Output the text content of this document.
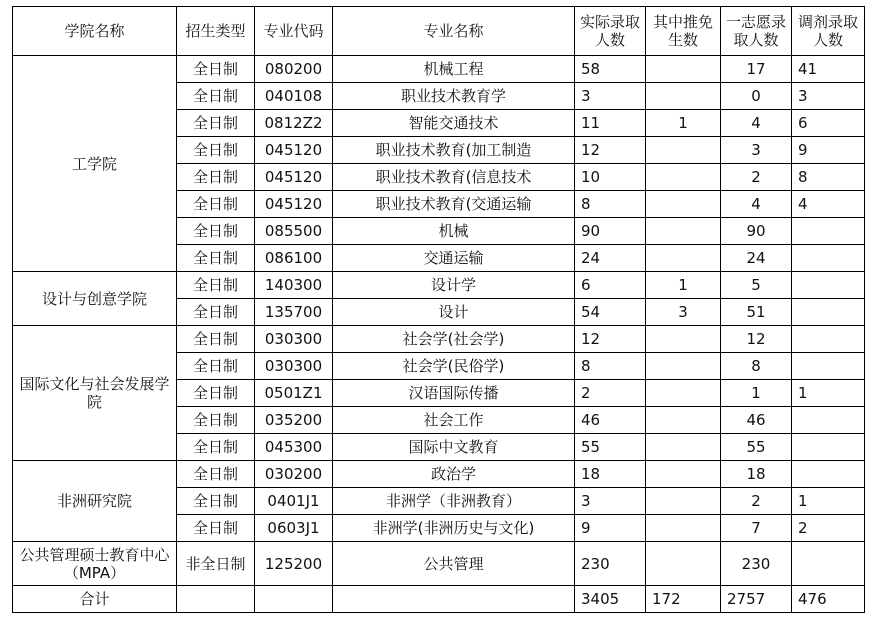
学院名称	招生类型	专业代码	专业名称	实际录取人数	其中推免生数	一志愿录取人数	调剂录取人数
工学院	全日制	080200	机械工程	58		17	41
	全日制	040108	职业技术教育学	3		0	3
	全日制	0812Z2	智能交通技术	11	1	4	6
	全日制	045120	职业技术教育(加工制造	12		3	9
	全日制	045120	职业技术教育(信息技术	10		2	8
	全日制	045120	职业技术教育(交通运输	8		4	4
	全日制	085500	机械	90		90	
	全日制	086100	交通运输	24		24	
设计与创意学院	全日制	140300	设计学	6	1	5	
	全日制	135700	设计	54	3	51	
国际文化与社会发展学院	全日制	030300	社会学(社会学)	12		12	
	全日制	030300	社会学(民俗学)	8		8	
	全日制	0501Z1	汉语国际传播	2		1	1
	全日制	035200	社会工作	46		46	
	全日制	045300	国际中文教育	55		55	
非洲研究院	全日制	030200	政治学	18		18	
	全日制	0401J1	非洲学（非洲教育）	3		2	1
	全日制	0603J1	非洲学(非洲历史与文化)	9		7	2
公共管理硕士教育中心（MPA）	非全日制	125200	公共管理	230		230	
合计				3405	172	2757	476
